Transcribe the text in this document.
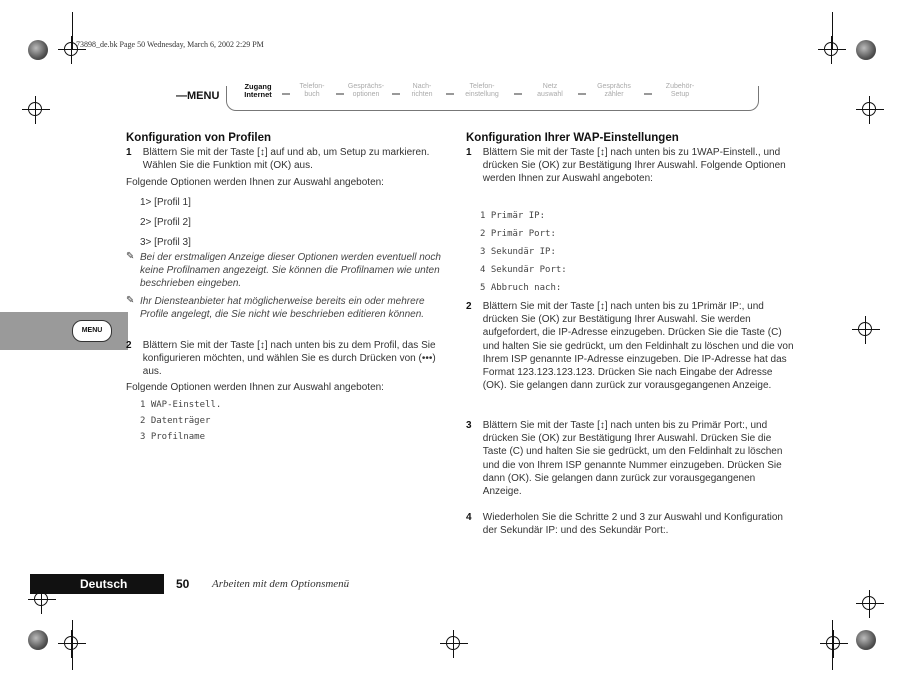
73898_de.bk Page 50 Wednesday, March 6, 2002 2:29 PM
—MENU
Zugang
Internet
Telefon-
buch
Gesprächs-
optionen
Nach-
richten
Telefon-
einstellung
Netz
auswahl
Gesprächs
zähler
Zubehör-
Setup
Konfiguration von Profilen
1 Blättern Sie mit der Taste [↕] auf und ab, um Setup zu markieren. Wählen Sie die Funktion mit (OK) aus.
Folgende Optionen werden Ihnen zur Auswahl angeboten:
1> [Profil 1]
2> [Profil 2]
3> [Profil 3]
✎ Bei der erstmaligen Anzeige dieser Optionen werden eventuell noch keine Profilnamen angezeigt. Sie können die Profilnamen wie unten beschrieben eingeben.
✎ Ihr Diensteanbieter hat möglicherweise bereits ein oder mehrere Profile angelegt, die Sie nicht wie beschrieben editieren können.
MENU
2 Blättern Sie mit der Taste [↕] nach unten bis zu dem Profil, das Sie konfigurieren möchten, und wählen Sie es durch Drücken von (•••) aus.
Folgende Optionen werden Ihnen zur Auswahl angeboten:
1 WAP-Einstell.
2 Datenträger
3 Profilname
Konfiguration Ihrer WAP-Einstellungen
1 Blättern Sie mit der Taste [↕] nach unten bis zu 1WAP-Einstell., und drücken Sie (OK) zur Bestätigung Ihrer Auswahl. Folgende Optionen werden Ihnen zur Auswahl angeboten:
1 Primär IP:
2 Primär Port:
3 Sekundär IP:
4 Sekundär Port:
5 Abbruch nach:
2 Blättern Sie mit der Taste [↕] nach unten bis zu 1Primär IP:, und drücken Sie (OK) zur Bestätigung Ihrer Auswahl. Sie werden aufgefordert, die IP-Adresse einzugeben. Drücken Sie die Taste (C) und halten Sie sie gedrückt, um den Feldinhalt zu löschen und die von Ihrem ISP genannte IP-Adresse einzugeben. Die IP-Adresse hat das Format 123.123.123.123. Drücken Sie nach Eingabe der Adresse (OK). Sie gelangen dann zurück zur vorausgegangenen Anzeige.
3 Blättern Sie mit der Taste [↕] nach unten bis zu Primär Port:, und drücken Sie (OK) zur Bestätigung Ihrer Auswahl. Drücken Sie die Taste (C) und halten Sie sie gedrückt, um den Feldinhalt zu löschen und die von Ihrem ISP genannte Nummer einzugeben. Drücken Sie dann (OK). Sie gelangen dann zurück zur vorausgegangenen Anzeige.
4 Wiederholen Sie die Schritte 2 und 3 zur Auswahl und Konfiguration der Sekundär IP: und des Sekundär Port:.
Deutsch	50 Arbeiten mit dem Optionsmenü
